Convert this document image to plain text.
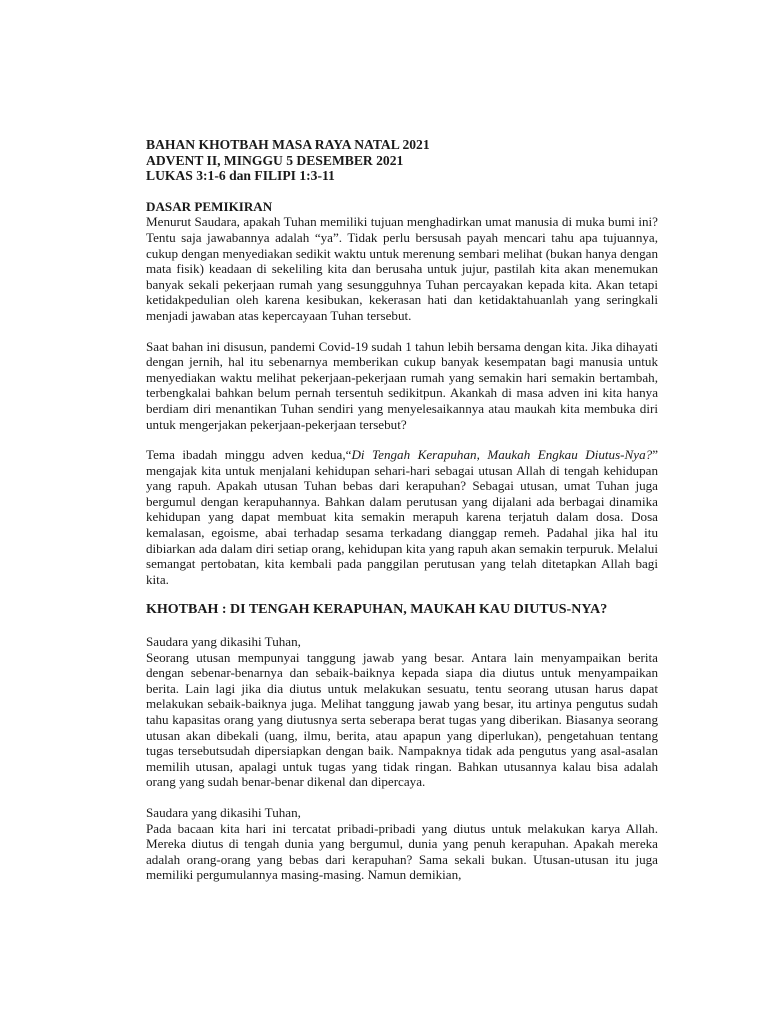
BAHAN KHOTBAH MASA RAYA NATAL 2021

ADVENT II, MINGGU 5 DESEMBER 2021

LUKAS 3:1-6 dan FILIPI 1:3-11

DASAR PEMIKIRAN

Menurut Saudara, apakah Tuhan memiliki tujuan menghadirkan umat manusia di muka bumi ini? Tentu saja jawabannya adalah “ya”. Tidak perlu bersusah payah mencari tahu apa tujuannya, cukup dengan menyediakan sedikit waktu untuk merenung sembari melihat (bukan hanya dengan mata fisik) keadaan di sekeliling kita dan berusaha untuk jujur, pastilah kita akan menemukan banyak sekali pekerjaan rumah yang sesungguhnya Tuhan percayakan kepada kita. Akan tetapi ketidakpedulian oleh karena kesibukan, kekerasan hati dan ketidaktahuanlah yang seringkali menjadi jawaban atas kepercayaan Tuhan tersebut.

Saat bahan ini disusun, pandemi Covid-19 sudah 1 tahun lebih bersama dengan kita. Jika dihayati dengan jernih, hal itu sebenarnya memberikan cukup banyak kesempatan bagi manusia untuk menyediakan waktu melihat pekerjaan-pekerjaan rumah yang semakin hari semakin bertambah, terbengkalai bahkan belum pernah tersentuh sedikitpun. Akankah di masa adven ini kita hanya berdiam diri menantikan Tuhan sendiri yang menyelesaikannya atau maukah kita membuka diri untuk mengerjakan pekerjaan-pekerjaan tersebut?

Tema ibadah minggu adven kedua,“Di Tengah Kerapuhan, Maukah Engkau Diutus-Nya?” mengajak kita untuk menjalani kehidupan sehari-hari sebagai utusan Allah di tengah kehidupan yang rapuh. Apakah utusan Tuhan bebas dari kerapuhan? Sebagai utusan, umat Tuhan juga bergumul dengan kerapuhannya. Bahkan dalam perutusan yang dijalani ada berbagai dinamika kehidupan yang dapat membuat kita semakin merapuh karena terjatuh dalam dosa. Dosa kemalasan, egoisme, abai terhadap sesama terkadang dianggap remeh. Padahal jika hal itu dibiarkan ada dalam diri setiap orang, kehidupan kita yang rapuh akan semakin terpuruk. Melalui semangat pertobatan, kita kembali pada panggilan perutusan yang telah ditetapkan Allah bagi kita.

KHOTBAH : DI TENGAH KERAPUHAN, MAUKAH KAU DIUTUS-NYA?

Saudara yang dikasihi Tuhan,

Seorang utusan mempunyai tanggung jawab yang besar. Antara lain menyampaikan berita dengan sebenar-benarnya dan sebaik-baiknya kepada siapa dia diutus untuk menyampaikan berita. Lain lagi jika dia diutus untuk melakukan sesuatu, tentu seorang utusan harus dapat melakukan sebaik-baiknya juga. Melihat tanggung jawab yang besar, itu artinya pengutus sudah tahu kapasitas orang yang diutusnya serta seberapa berat tugas yang diberikan. Biasanya seorang utusan akan dibekali (uang, ilmu, berita, atau apapun yang diperlukan), pengetahuan tentang tugas tersebutsudah dipersiapkan dengan baik. Nampaknya tidak ada pengutus yang asal-asalan memilih utusan, apalagi untuk tugas yang tidak ringan. Bahkan utusannya kalau bisa adalah orang yang sudah benar-benar dikenal dan dipercaya.

Saudara yang dikasihi Tuhan,

Pada bacaan kita hari ini tercatat pribadi-pribadi yang diutus untuk melakukan karya Allah. Mereka diutus di tengah dunia yang bergumul, dunia yang penuh kerapuhan. Apakah mereka adalah orang-orang yang bebas dari kerapuhan? Sama sekali bukan. Utusan-utusan itu juga memiliki pergumulannya masing-masing. Namun demikian,
